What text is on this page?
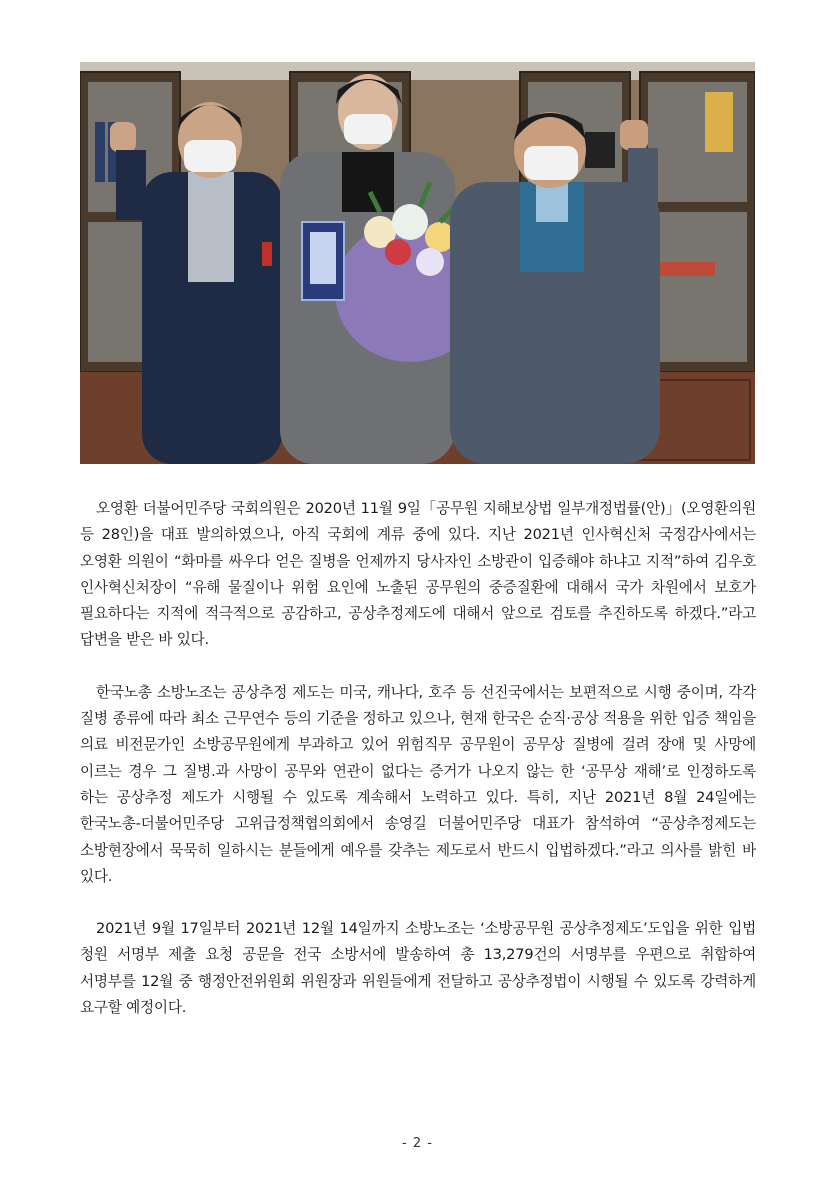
오영환 더불어민주당 국회의원은 2020년 11월 9일「공무원 지해보상법 일부개정법률(안)」(오영환의원 등 28인)을 대표 발의하였으나, 아직 국회에 계류 중에 있다. 지난 2021년 인사혁신처 국정감사에서는 오영환 의원이 “화마를 싸우다 얻은 질병을 언제까지 당사자인 소방관이 입증해야 하냐고 지적”하여 김우호 인사혁신처장이 “유해 물질이나 위험 요인에 노출된 공무원의 중증질환에 대해서 국가 차원에서 보호가 필요하다는 지적에 적극적으로 공감하고, 공상추정제도에 대해서 앞으로 검토를 추진하도록 하겠다.”라고 답변을 받은 바 있다.

한국노총 소방노조는 공상추정 제도는 미국, 캐나다, 호주 등 선진국에서는 보편적으로 시행 중이며, 각각 질병 종류에 따라 최소 근무연수 등의 기준을 정하고 있으나, 현재 한국은 순직·공상 적용을 위한 입증 책임을 의료 비전문가인 소방공무원에게 부과하고 있어 위험직무 공무원이 공무상 질병에 걸려 장애 및 사망에 이르는 경우 그 질병.과 사망이 공무와 연관이 없다는 증거가 나오지 않는 한 ‘공무상 재해’로 인정하도록 하는 공상추정 제도가 시행될 수 있도록 계속해서 노력하고 있다. 특히, 지난 2021년 8월 24일에는 한국노총-더불어민주당 고위급정책협의회에서 송영길 더불어민주당 대표가 참석하여 “공상추정제도는 소방현장에서 묵묵히 일하시는 분들에게 예우를 갖추는 제도로서 반드시 입법하겠다.”라고 의사를 밝힌 바 있다.

2021년 9월 17일부터 2021년 12월 14일까지 소방노조는 ‘소방공무원 공상추정제도’도입을 위한 입법 청원 서명부 제출 요청 공문을 전국 소방서에 발송하여 총 13,279건의 서명부를 우편으로 취합하여 서명부를 12월 중 행정안전위원회 위원장과 위원들에게 전달하고 공상추정법이 시행될 수 있도록 강력하게 요구할 예정이다.

- 2 -
